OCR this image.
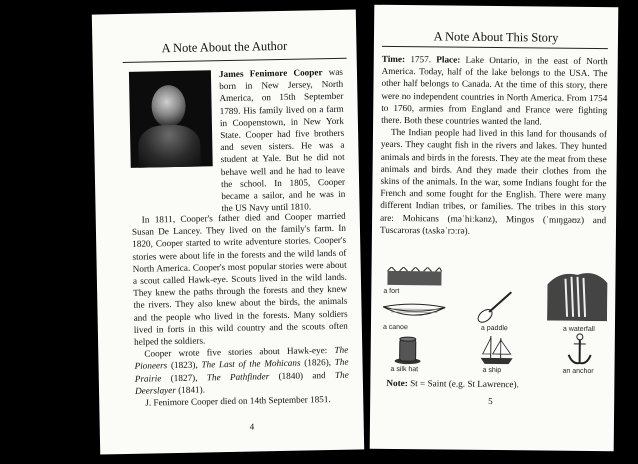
A Note About the Author

James Fenimore Cooper was born in New Jersey, North America, on 15th September 1789. His family lived on a farm in Coopenstown, in New York State. Cooper had five brothers and seven sisters. He was a student at Yale. But he did not behave well and he had to leave the school. In 1805, Cooper became a sailor, and he was in the US Navy until 1810.

In 1811, Cooper's father died and Cooper married Susan De Lancey. They lived on the family's farm. In 1820, Cooper started to write adventure stories. Cooper's stories were about life in the forests and the wild lands of North America. Cooper's most popular stories were about a scout called Hawk-eye. Scouts lived in the wild lands. They knew the paths through the forests and they knew the rivers. They also knew about the birds, the animals and the people who lived in the forests. Many soldiers lived in forts in this wild country and the scouts often helped the soldiers.

Cooper wrote five stories about Hawk-eye: The Pioneers (1823), The Last of the Mohicans (1826), The Prairie (1827), The Pathfinder (1840) and The Deerslayer (1841).

J. Fenimore Cooper died on 14th September 1851.

4
A Note About This Story

Time: 1757. Place: Lake Ontario, in the east of North America. Today, half of the lake belongs to the USA. The other half belongs to Canada. At the time of this story, there were no independent countries in North America. From 1754 to 1760, armies from England and France were fighting there. Both these countries wanted the land.

The Indian people had lived in this land for thousands of years. They caught fish in the rivers and lakes. They hunted animals and birds in the forests. They ate the meat from these animals and birds. And they made their clothes from the skins of the animals. In the war, some Indians fought for the French and some fought for the English. There were many different Indian tribes, or families. The tribes in this story are: Mohicans (məˈhiːkənz), Mingos (ˈmɪŋgəʊz) and Tuscaroras (tʌskəˈrɔːrə).

a fort
a canoe	a paddle	a waterfall
a silk hat	a ship	an anchor

Note: St = Saint (e.g. St Lawrence).

5
ʻ
